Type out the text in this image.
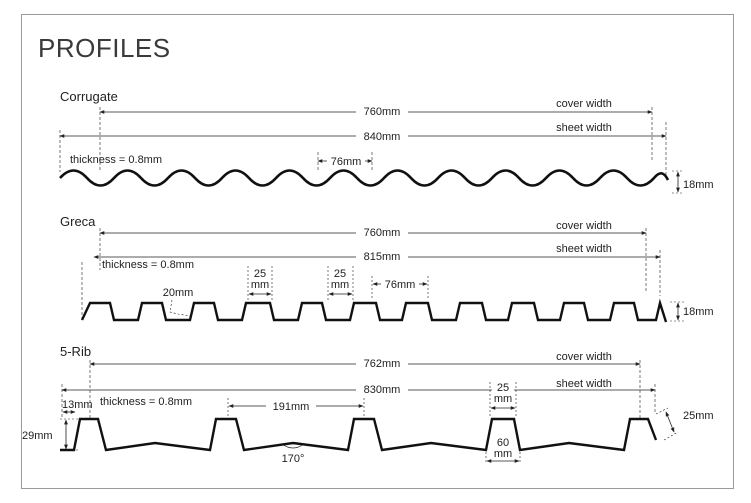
PROFILES
Corrugate
760mm
cover width
840mm
sheet width
thickness = 0.8mm	76mm
18mm
Greca
760mm
cover width
815mm
sheet width
thickness = 0.8mm
25
mm
25
mm	76mm
20mm
18mm
5-Rib
762mm
cover width
830mm	sheet width
thickness = 0.8mm
13mm	191mm
25
mm
60
mm
29mm
25mm
170°
